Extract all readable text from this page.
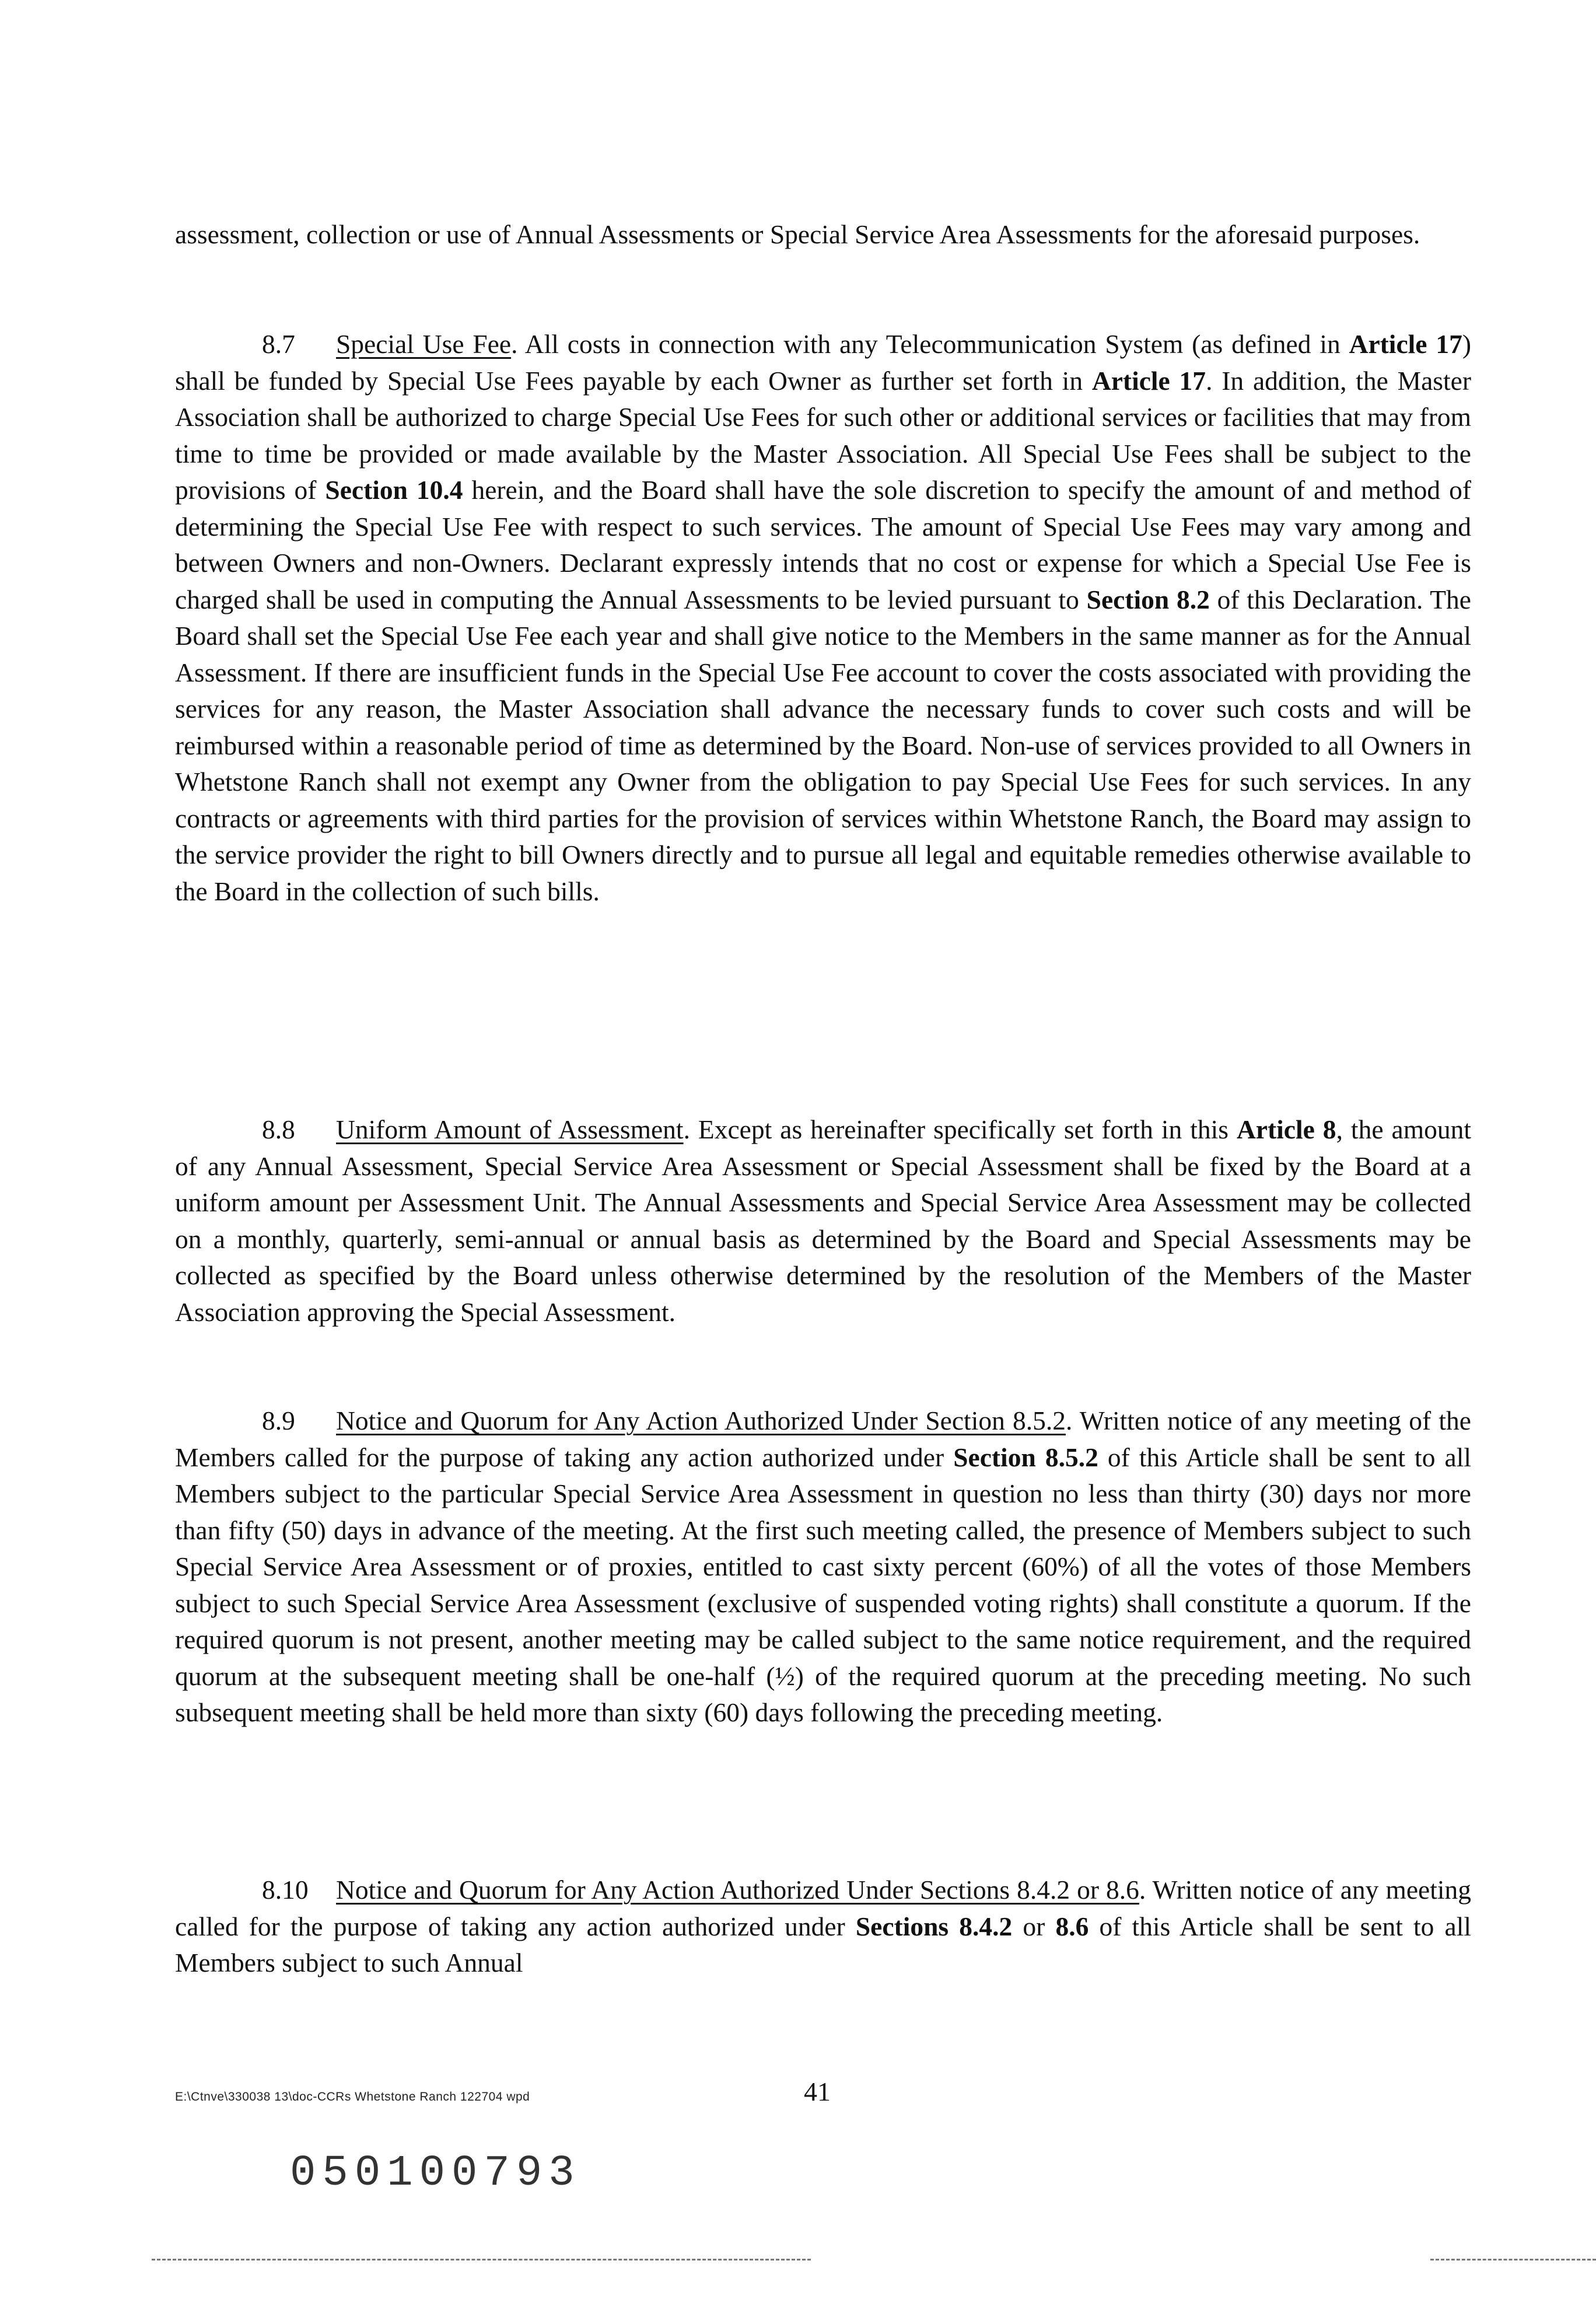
assessment, collection or use of Annual Assessments or Special Service Area Assessments for the aforesaid purposes.

8.7 Special Use Fee. All costs in connection with any Telecommunication System (as defined in Article 17) shall be funded by Special Use Fees payable by each Owner as further set forth in Article 17. In addition, the Master Association shall be authorized to charge Special Use Fees for such other or additional services or facilities that may from time to time be provided or made available by the Master Association. All Special Use Fees shall be subject to the provisions of Section 10.4 herein, and the Board shall have the sole discretion to specify the amount of and method of determining the Special Use Fee with respect to such services. The amount of Special Use Fees may vary among and between Owners and non-Owners. Declarant expressly intends that no cost or expense for which a Special Use Fee is charged shall be used in computing the Annual Assessments to be levied pursuant to Section 8.2 of this Declaration. The Board shall set the Special Use Fee each year and shall give notice to the Members in the same manner as for the Annual Assessment. If there are insufficient funds in the Special Use Fee account to cover the costs associated with providing the services for any reason, the Master Association shall advance the necessary funds to cover such costs and will be reimbursed within a reasonable period of time as determined by the Board. Non-use of services provided to all Owners in Whetstone Ranch shall not exempt any Owner from the obligation to pay Special Use Fees for such services. In any contracts or agreements with third parties for the provision of services within Whetstone Ranch, the Board may assign to the service provider the right to bill Owners directly and to pursue all legal and equitable remedies otherwise available to the Board in the collection of such bills.

8.8 Uniform Amount of Assessment. Except as hereinafter specifically set forth in this Article 8, the amount of any Annual Assessment, Special Service Area Assessment or Special Assessment shall be fixed by the Board at a uniform amount per Assessment Unit. The Annual Assessments and Special Service Area Assessment may be collected on a monthly, quarterly, semi-annual or annual basis as determined by the Board and Special Assessments may be collected as specified by the Board unless otherwise determined by the resolution of the Members of the Master Association approving the Special Assessment.

8.9 Notice and Quorum for Any Action Authorized Under Section 8.5.2. Written notice of any meeting of the Members called for the purpose of taking any action authorized under Section 8.5.2 of this Article shall be sent to all Members subject to the particular Special Service Area Assessment in question no less than thirty (30) days nor more than fifty (50) days in advance of the meeting. At the first such meeting called, the presence of Members subject to such Special Service Area Assessment or of proxies, entitled to cast sixty percent (60%) of all the votes of those Members subject to such Special Service Area Assessment (exclusive of suspended voting rights) shall constitute a quorum. If the required quorum is not present, another meeting may be called subject to the same notice requirement, and the required quorum at the subsequent meeting shall be one-half (½) of the required quorum at the preceding meeting. No such subsequent meeting shall be held more than sixty (60) days following the preceding meeting.

8.10 Notice and Quorum for Any Action Authorized Under Sections 8.4.2 or 8.6. Written notice of any meeting called for the purpose of taking any action authorized under Sections 8.4.2 or 8.6 of this Article shall be sent to all Members subject to such Annual

E:\Ctnve\330038 13\doc-CCRs Whetstone Ranch 122704 wpd	41
050100793
